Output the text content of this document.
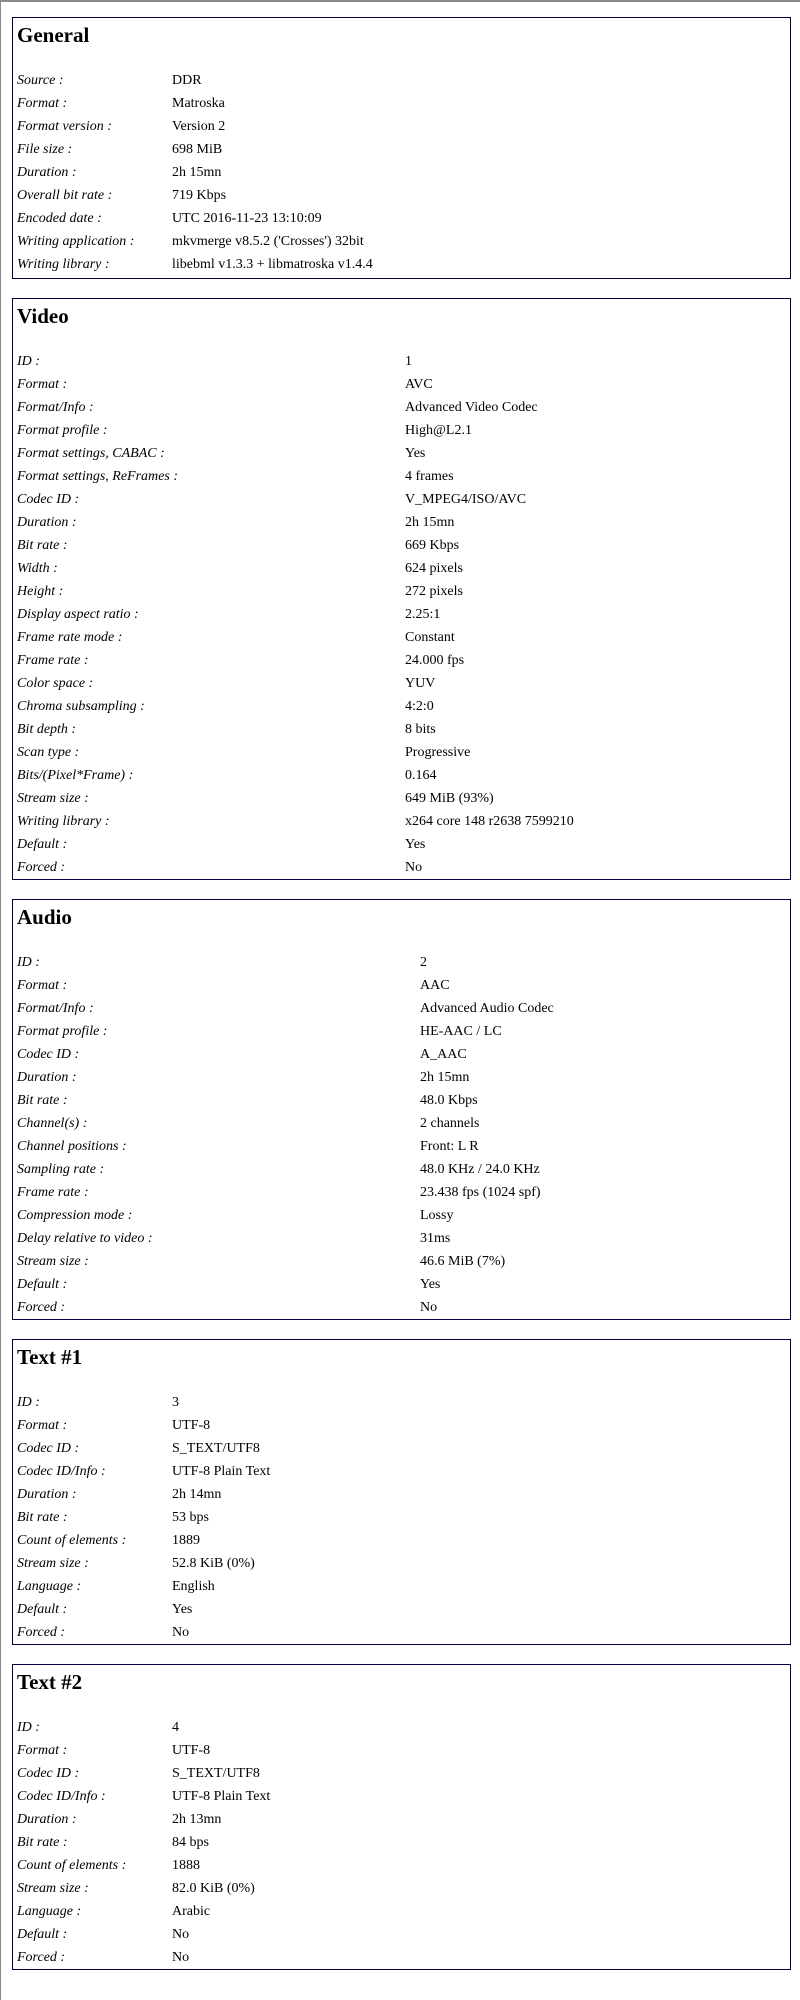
General
Source :	DDR
Format :	Matroska
Format version :	Version 2
File size :	698 MiB
Duration :	2h 15mn
Overall bit rate :	719 Kbps
Encoded date :	UTC 2016-11-23 13:10:09
Writing application :	mkvmerge v8.5.2 ('Crosses') 32bit
Writing library :	libebml v1.3.3 + libmatroska v1.4.4
Video
ID :	1
Format :	AVC
Format/Info :	Advanced Video Codec
Format profile :	High@L2.1
Format settings, CABAC :	Yes
Format settings, ReFrames :	4 frames
Codec ID :	V_MPEG4/ISO/AVC
Duration :	2h 15mn
Bit rate :	669 Kbps
Width :	624 pixels
Height :	272 pixels
Display aspect ratio :	2.25:1
Frame rate mode :	Constant
Frame rate :	24.000 fps
Color space :	YUV
Chroma subsampling :	4:2:0
Bit depth :	8 bits
Scan type :	Progressive
Bits/(Pixel*Frame) :	0.164
Stream size :	649 MiB (93%)
Writing library :	x264 core 148 r2638 7599210
Default :	Yes
Forced :	No
Audio
ID :	2
Format :	AAC
Format/Info :	Advanced Audio Codec
Format profile :	HE-AAC / LC
Codec ID :	A_AAC
Duration :	2h 15mn
Bit rate :	48.0 Kbps
Channel(s) :	2 channels
Channel positions :	Front: L R
Sampling rate :	48.0 KHz / 24.0 KHz
Frame rate :	23.438 fps (1024 spf)
Compression mode :	Lossy
Delay relative to video :	31ms
Stream size :	46.6 MiB (7%)
Default :	Yes
Forced :	No
Text #1
ID :	3
Format :	UTF-8
Codec ID :	S_TEXT/UTF8
Codec ID/Info :	UTF-8 Plain Text
Duration :	2h 14mn
Bit rate :	53 bps
Count of elements :	1889
Stream size :	52.8 KiB (0%)
Language :	English
Default :	Yes
Forced :	No
Text #2
ID :	4
Format :	UTF-8
Codec ID :	S_TEXT/UTF8
Codec ID/Info :	UTF-8 Plain Text
Duration :	2h 13mn
Bit rate :	84 bps
Count of elements :	1888
Stream size :	82.0 KiB (0%)
Language :	Arabic
Default :	No
Forced :	No
